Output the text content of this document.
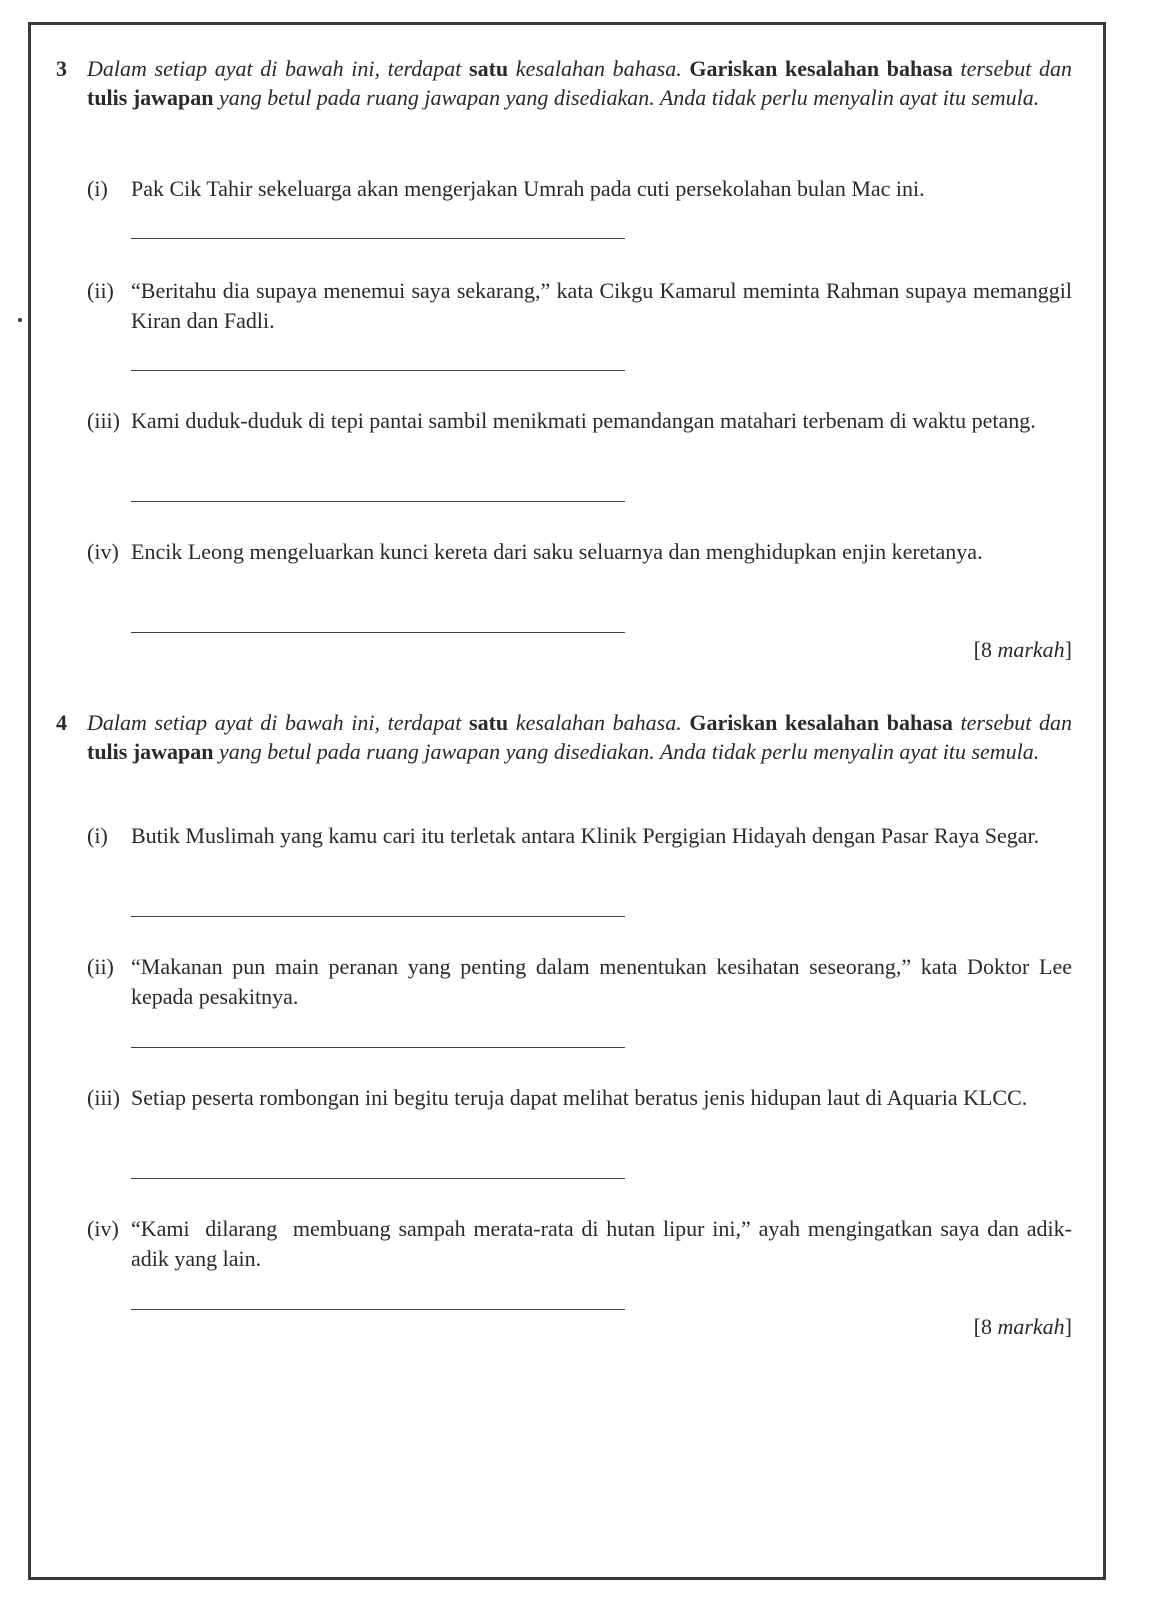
3 Dalam setiap ayat di bawah ini, terdapat satu kesalahan bahasa. Gariskan kesalahan bahasa tersebut dan tulis jawapan yang betul pada ruang jawapan yang disediakan. Anda tidak perlu menyalin ayat itu semula.
(i)	Pak Cik Tahir sekeluarga akan mengerjakan Umrah pada cuti persekolahan bulan Mac ini.
(ii) “Beritahu dia supaya menemui saya sekarang,” kata Cikgu Kamarul meminta Rahman supaya memanggil Kiran dan Fadli.
(iii) Kami duduk-duduk di tepi pantai sambil menikmati pemandangan matahari terbenam di waktu petang.
(iv) Encik Leong mengeluarkan kunci kereta dari saku seluarnya dan menghidupkan enjin keretanya.
[8 markah]
4 Dalam setiap ayat di bawah ini, terdapat satu kesalahan bahasa. Gariskan kesalahan bahasa tersebut dan tulis jawapan yang betul pada ruang jawapan yang disediakan. Anda tidak perlu menyalin ayat itu semula.
(i)	Butik Muslimah yang kamu cari itu terletak antara Klinik Pergigian Hidayah dengan Pasar Raya Segar.
(ii) “Makanan pun main peranan yang penting dalam menentukan kesihatan seseorang,” kata Doktor Lee kepada pesakitnya.
(iii) Setiap peserta rombongan ini begitu teruja dapat melihat beratus jenis hidupan laut di Aquaria KLCC.
(iv) “Kami  dilarang  membuang sampah merata-rata di hutan lipur ini,” ayah mengingatkan saya dan adik-adik yang lain.
[8 markah]
